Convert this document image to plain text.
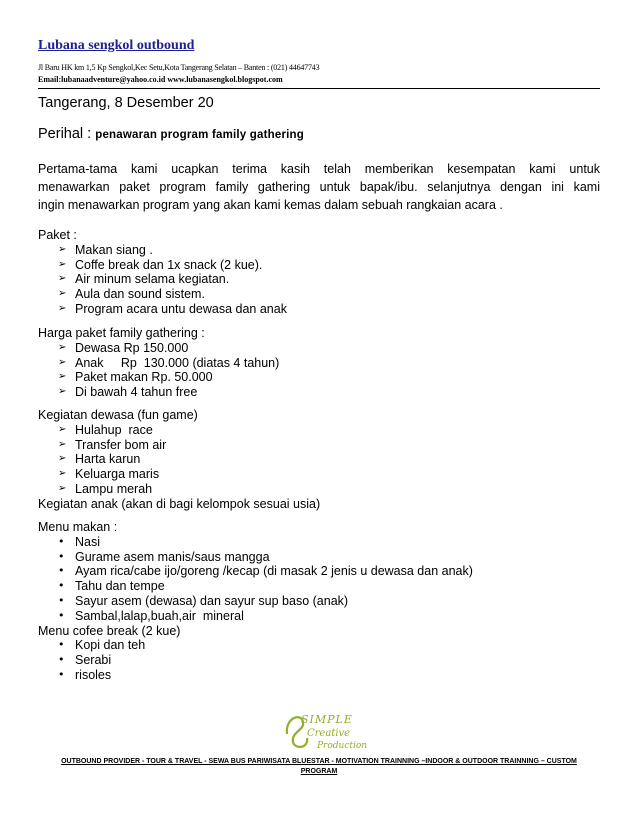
Lubana sengkol outbound
Jl Baru HK km 1,5 Kp Sengkol,Kec Setu,Kota Tangerang Selatan – Banten : (021) 44647743
Email:lubanaadventure@yahoo.co.id www.lubanasengkol.blogspot.com
Tangerang, 8 Desember 20
Perihal : penawaran program family gathering
Pertama-tama kami ucapkan terima kasih telah memberikan kesempatan kami untuk
menawarkan paket program family gathering untuk bapak/ibu. selanjutnya dengan ini kami
ingin menawarkan program yang akan kami kemas dalam sebuah rangkaian acara .
Paket :
➢ Makan siang .
➢ Coffe break dan 1x snack (2 kue).
➢ Air minum selama kegiatan.
➢ Aula dan sound sistem.
➢ Program acara untu dewasa dan anak
Harga paket family gathering :
➢ Dewasa Rp 150.000
➢ Anak     Rp  130.000 (diatas 4 tahun)
➢ Paket makan Rp. 50.000
➢ Di bawah 4 tahun free
Kegiatan dewasa (fun game)
➢ Hulahup  race
➢ Transfer bom air
➢ Harta karun
➢ Keluarga maris
➢ Lampu merah
Kegiatan anak (akan di bagi kelompok sesuai usia)
Menu makan :
• Nasi
• Gurame asem manis/saus mangga
• Ayam rica/cabe ijo/goreng /kecap (di masak 2 jenis u dewasa dan anak)
• Tahu dan tempe
• Sayur asem (dewasa) dan sayur sup baso (anak)
• Sambal,lalap,buah,air  mineral
Menu cofee break (2 kue)
• Kopi dan teh
• Serabi
• risoles
SIMPLE
Creative
Production
OUTBOUND PROVIDER - TOUR & TRAVEL - SEWA BUS PARIWISATA BLUESTAR - MOTIVATION TRAINNING –INDOOR & OUTDOOR TRAINNING – CUSTOM
PROGRAM
